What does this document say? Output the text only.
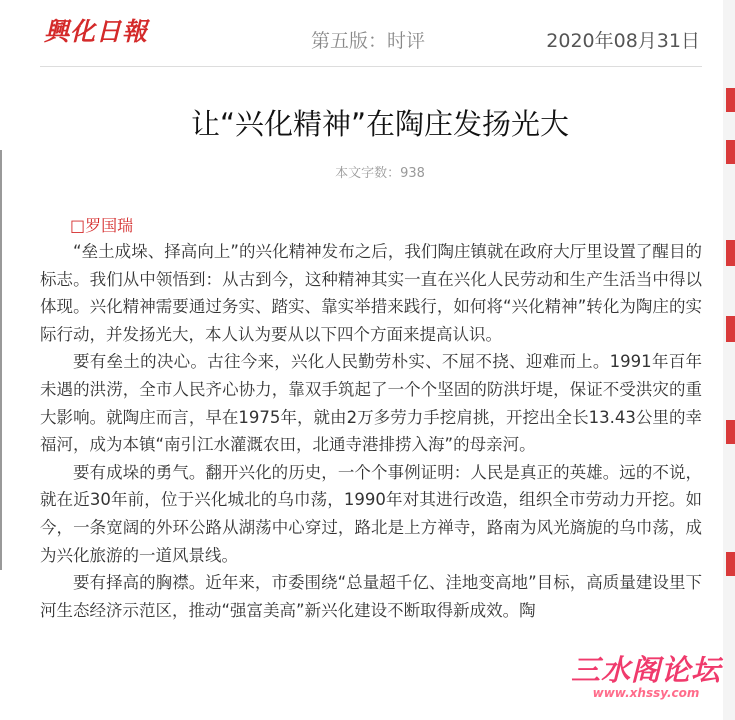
興化日報	第五版：时评	2020年08月31日
让“兴化精神”在陶庄发扬光大
本文字数：938
□罗国瑞

“垒土成垛、择高向上”的兴化精神发布之后，我们陶庄镇就在政府大厅里设置了醒目的标志。我们从中领悟到：从古到今，这种精神其实一直在兴化人民劳动和生产生活当中得以体现。兴化精神需要通过务实、踏实、靠实举措来践行，如何将“兴化精神”转化为陶庄的实际行动，并发扬光大，本人认为要从以下四个方面来提高认识。

要有垒土的决心。古往今来，兴化人民勤劳朴实、不屈不挠、迎难而上。1991年百年未遇的洪涝，全市人民齐心协力，靠双手筑起了一个个坚固的防洪圩堤，保证不受洪灾的重大影响。就陶庄而言，早在1975年，就由2万多劳力手挖肩挑，开挖出全长13.43公里的幸福河，成为本镇“南引江水灌溉农田，北通寺港排捞入海”的母亲河。

要有成垛的勇气。翻开兴化的历史，一个个事例证明：人民是真正的英雄。远的不说，就在近30年前，位于兴化城北的乌巾荡，1990年对其进行改造，组织全市劳动力开挖。如今，一条宽阔的外环公路从湖荡中心穿过，路北是上方禅寺，路南为风光旖旎的乌巾荡，成为兴化旅游的一道风景线。

要有择高的胸襟。近年来，市委围绕“总量超千亿、洼地变高地”目标，高质量建设里下河生态经济示范区，推动“强富美高”新兴化建设不断取得新成效。陶

三水阁论坛
www.xhssy.com
